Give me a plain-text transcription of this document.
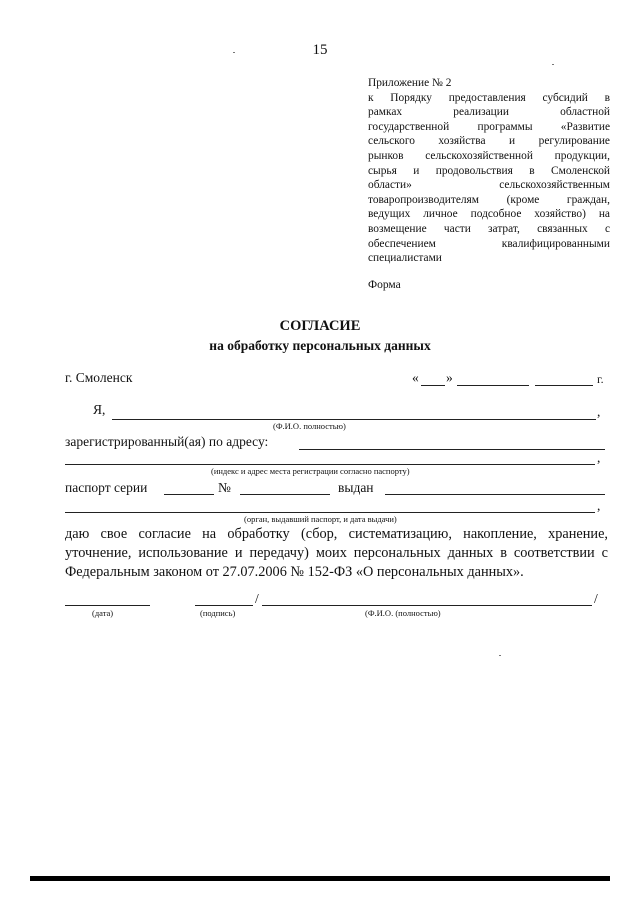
15
Приложение № 2
к Порядку предоставления субсидий в
рамках реализации областной
государственной программы «Развитие
сельского хозяйства и регулирование
рынков сельскохозяйственной продукции,
сырья и продовольствия в Смоленской
области» сельскохозяйственным
товаропроизводителям (кроме граждан,
ведущих личное подсобное хозяйство) на
возмещение части затрат, связанных с
обеспечением квалифицированными
специалистами
Форма
СОГЛАСИЕ
на обработку персональных данных
г. Смоленск	« »	г.
Я,	,
(Ф.И.О. полностью)
зарегистрированный(ая) по адресу:
,
(индекс и адрес места регистрации согласно паспорту)
паспорт серии	№	выдан
,
(орган, выдавший паспорт, и дата выдачи)
даю свое согласие на обработку (сбор, систематизацию, накопление, хранение, уточнение, использование и передачу) моих персональных данных в соответствии с Федеральным законом от 27.07.2006 № 152-ФЗ «О персональных данных».
/	/
(дата)	(подпись)	(Ф.И.О. (полностью)
